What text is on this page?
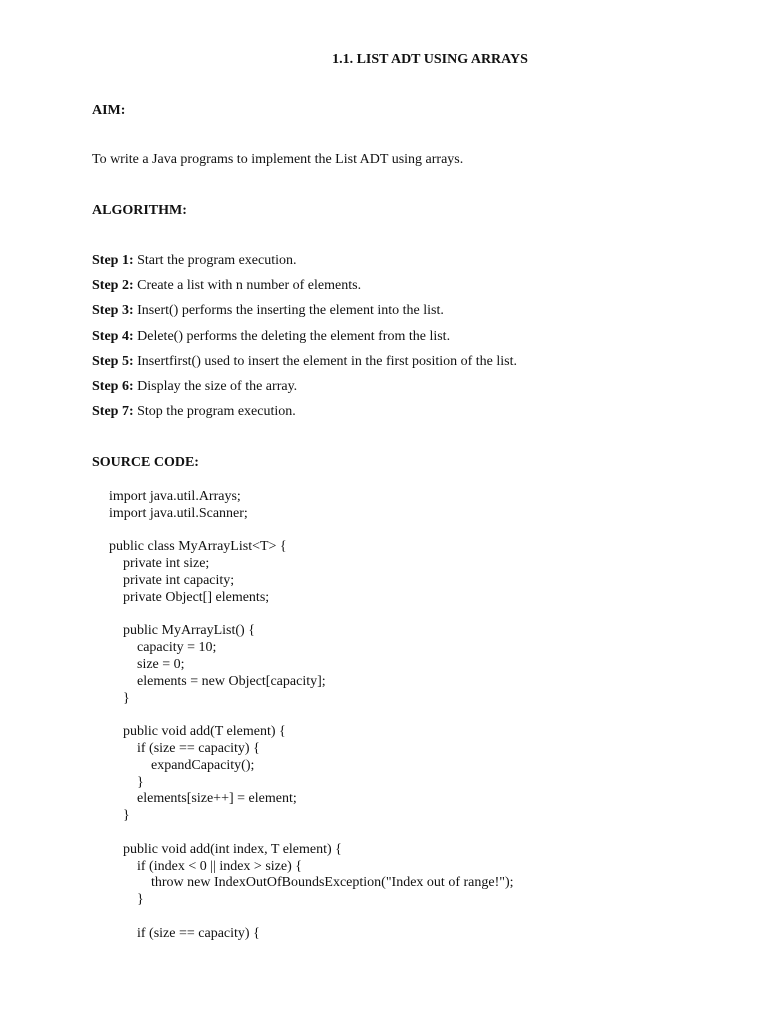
1.1. LIST ADT USING ARRAYS
AIM:
To write a Java programs to implement the List ADT using arrays.
ALGORITHM:
Step 1: Start the program execution.
Step 2: Create a list with n number of elements.
Step 3: Insert() performs the inserting the element into the list.
Step 4: Delete() performs the deleting the element from the list.
Step 5: Insertfirst() used to insert the element in the first position of the list.
Step 6: Display the size of the array.
Step 7: Stop the program execution.
SOURCE CODE:
import java.util.Arrays;
import java.util.Scanner;
public class MyArrayList<T> {
private int size;
private int capacity;
private Object[] elements;
public MyArrayList() {
capacity = 10;
size = 0;
elements = new Object[capacity];
}
public void add(T element) {
if (size == capacity) {
expandCapacity();
}
elements[size++] = element;
}
public void add(int index, T element) {
if (index < 0 || index > size) {
throw new IndexOutOfBoundsException("Index out of range!");
}
if (size == capacity) {
